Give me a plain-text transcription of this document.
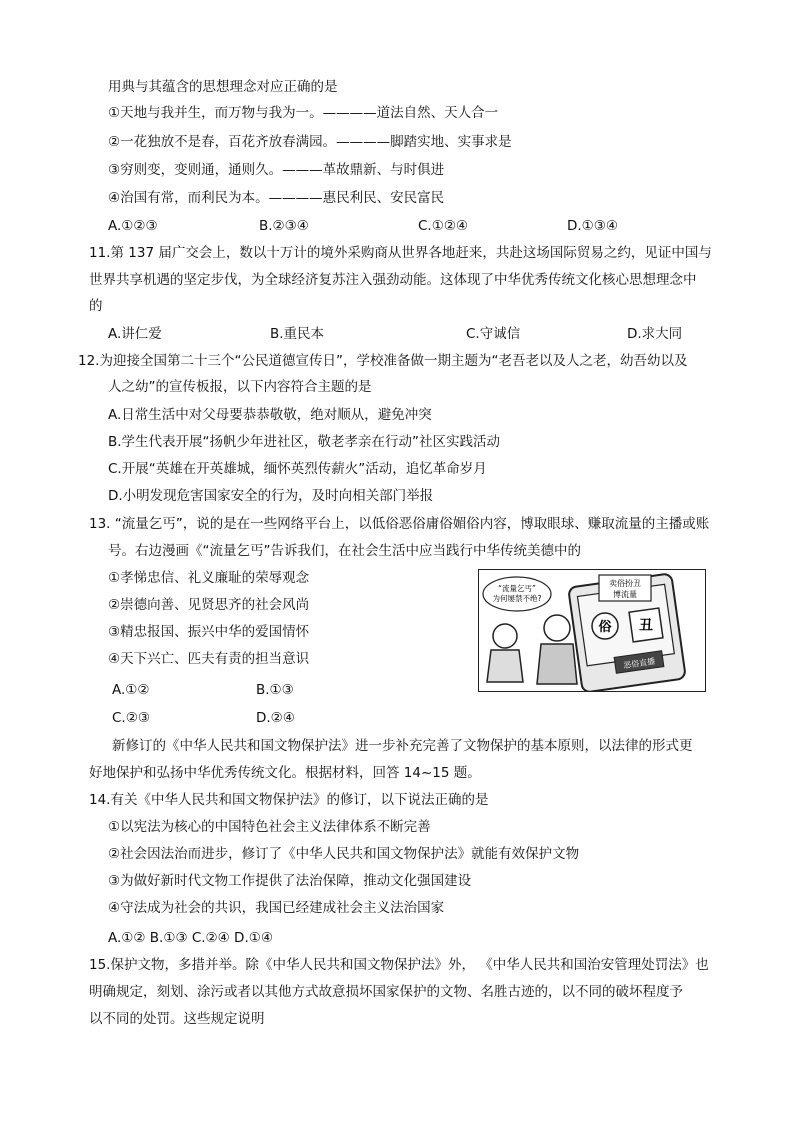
用典与其蕴含的思想理念对应正确的是
①天地与我并生，而万物与我为一。————道法自然、天人合一
②一花独放不是春，百花齐放春满园。————脚踏实地、实事求是
③穷则变，变则通，通则久。———革故鼎新、与时俱进
④治国有常，而利民为本。————惠民利民、安民富民
A.①②③	B.②③④	C.①②④	D.①③④
11.第 137 届广交会上，数以十万计的境外采购商从世界各地赶来，共赴这场国际贸易之约，见证中国与
世界共享机遇的坚定步伐，为全球经济复苏注入强劲动能。这体现了中华优秀传统文化核心思想理念中
的
A.讲仁爱	B.重民本	C.守诚信	D.求大同
12.为迎接全国第二十三个“公民道德宣传日”，学校准备做一期主题为“老吾老以及人之老，幼吾幼以及
人之幼”的宣传板报，以下内容符合主题的是
A.日常生活中对父母要恭恭敬敬，绝对顺从，避免冲突
B.学生代表开展“扬帆少年进社区，敬老孝亲在行动”社区实践活动
C.开展“英雄在开英雄城，缅怀英烈传薪火”活动，追忆革命岁月
D.小明发现危害国家安全的行为，及时向相关部门举报
13. “流量乞丐”，说的是在一些网络平台上，以低俗恶俗庸俗媚俗内容，博取眼球、赚取流量的主播或账
号。右边漫画《“流量乞丐”告诉我们，在社会生活中应当践行中华传统美德中的
①孝悌忠信、礼义廉耻的荣辱观念
②崇德向善、见贤思齐的社会风尚
③精忠报国、振兴中华的爱国情怀
④天下兴亡、匹夫有责的担当意识
A.①②	B.①③
C.②③	D.②④
卖俗扮丑
博流量
“流量乞丐”
为何屡禁不绝?
俗 丑
恶俗直播
新修订的《中华人民共和国文物保护法》进一步补充完善了文物保护的基本原则，以法律的形式更
好地保护和弘扬中华优秀传统文化。根据材料，回答 14~15 题。
14.有关《中华人民共和国文物保护法》的修订，以下说法正确的是
①以宪法为核心的中国特色社会主义法律体系不断完善
②社会因法治而进步，修订了《中华人民共和国文物保护法》就能有效保护文物
③为做好新时代文物工作提供了法治保障，推动文化强国建设
④守法成为社会的共识，我国已经建成社会主义法治国家
A.①② B.①③ C.②④ D.①④
15.保护文物，多措并举。除《中华人民共和国文物保护法》外， 《中华人民共和国治安管理处罚法》也
明确规定，刻划、涂污或者以其他方式故意损坏国家保护的文物、名胜古迹的，以不同的破坏程度予
以不同的处罚。这些规定说明
